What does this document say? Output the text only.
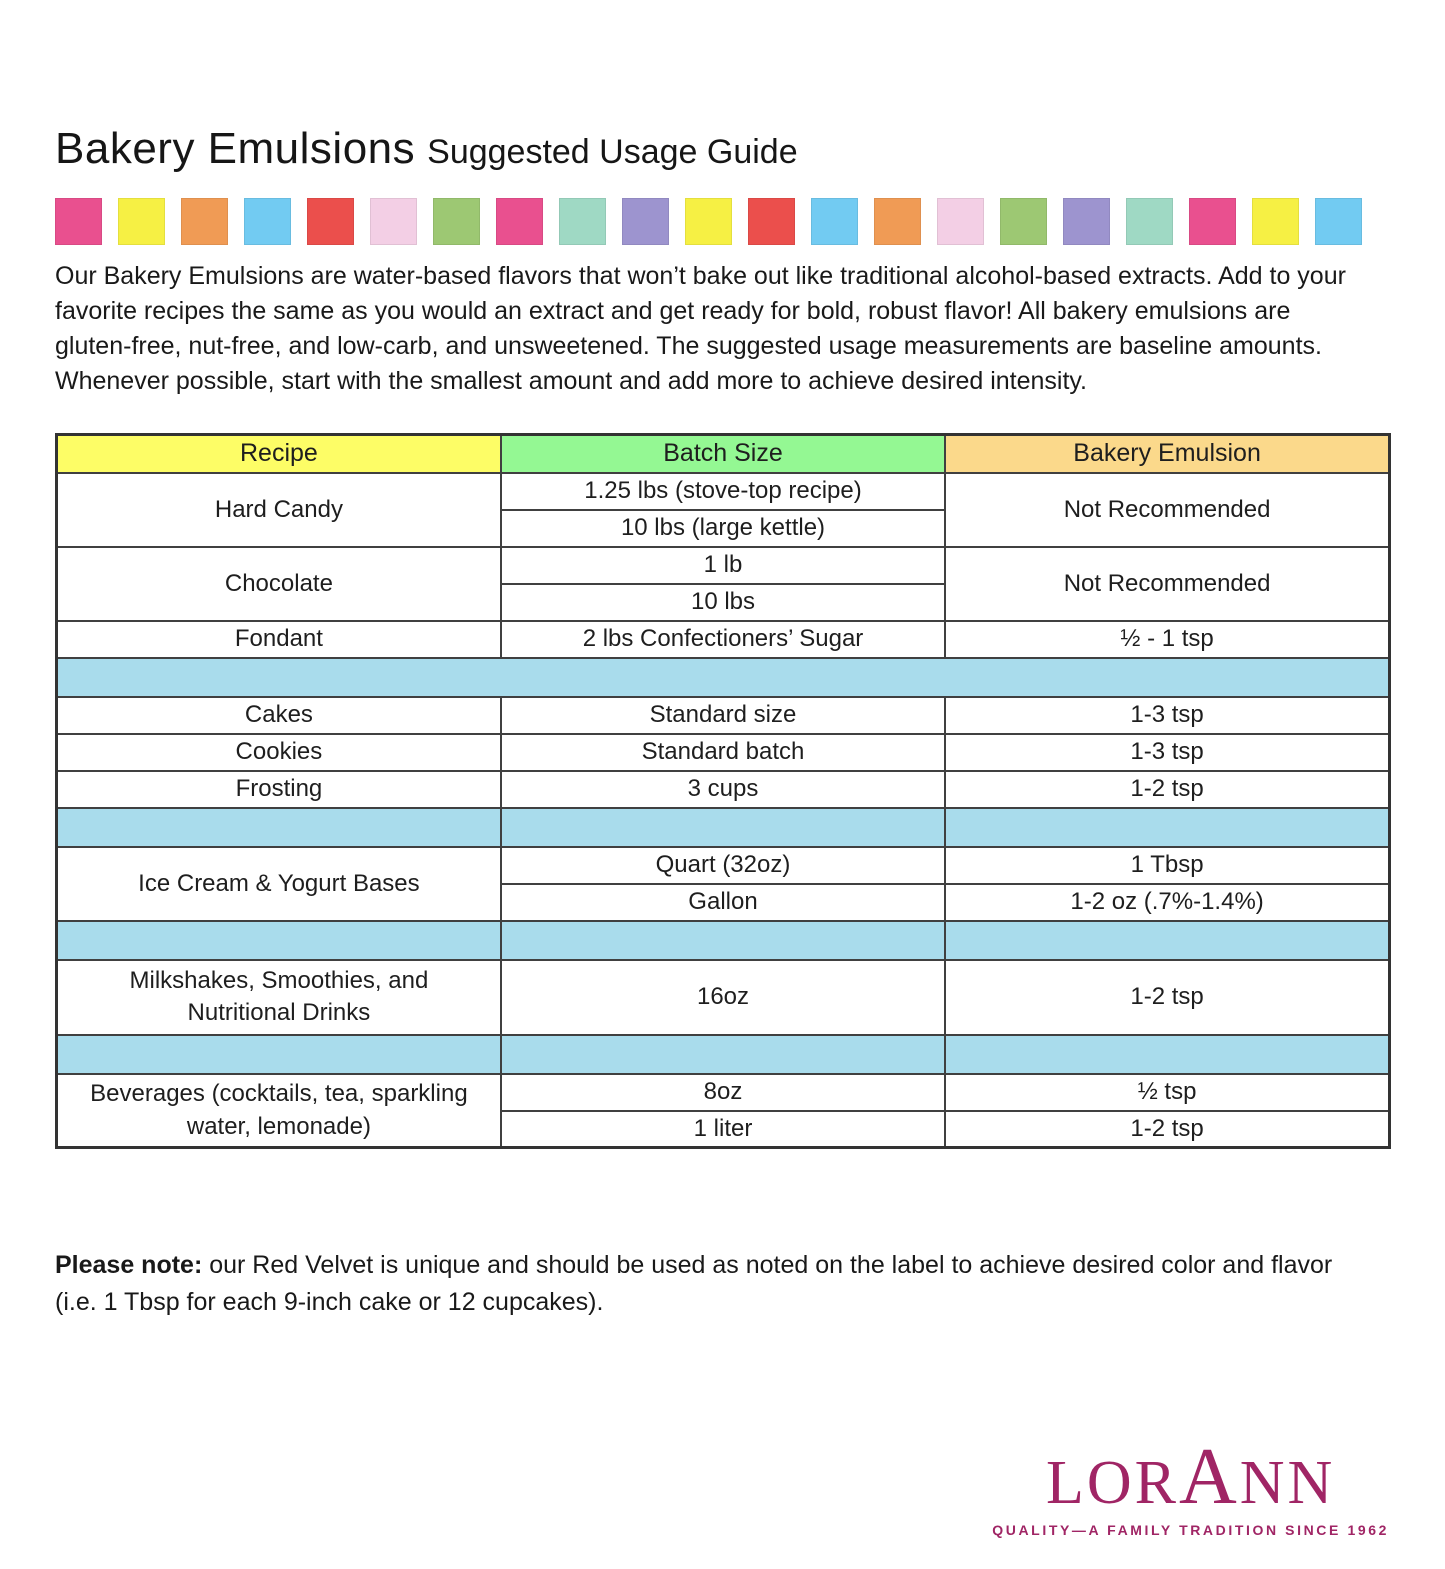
Bakery Emulsions Suggested Usage Guide

Our Bakery Emulsions are water-based flavors that won’t bake out like traditional alcohol-based extracts. Add to your favorite recipes the same as you would an extract and get ready for bold, robust flavor! All bakery emulsions are gluten-free, nut-free, and low-carb, and unsweetened. The suggested usage measurements are baseline amounts. Whenever possible, start with the smallest amount and add more to achieve desired intensity.

Recipe	Batch Size	Bakery Emulsion
Hard Candy	1.25 lbs (stove-top recipe)	Not Recommended
	10 lbs (large kettle)	
Chocolate	1 lb	Not Recommended
	10 lbs	
Fondant	2 lbs Confectioners’ Sugar	½ - 1 tsp

Cakes	Standard size	1-3 tsp
Cookies	Standard batch	1-3 tsp
Frosting	3 cups	1-2 tsp

Ice Cream & Yogurt Bases	Quart (32oz)	1 Tbsp
	Gallon	1-2 oz (.7%-1.4%)

Milkshakes, Smoothies, and Nutritional Drinks	16oz	1-2 tsp

Beverages (cocktails, tea, sparkling water, lemonade)	8oz	½ tsp
	1 liter	1-2 tsp

Please note: our Red Velvet is unique and should be used as noted on the label to achieve desired color and flavor (i.e. 1 Tbsp for each 9-inch cake or 12 cupcakes).

LORANN
QUALITY—A FAMILY TRADITION SINCE 1962
